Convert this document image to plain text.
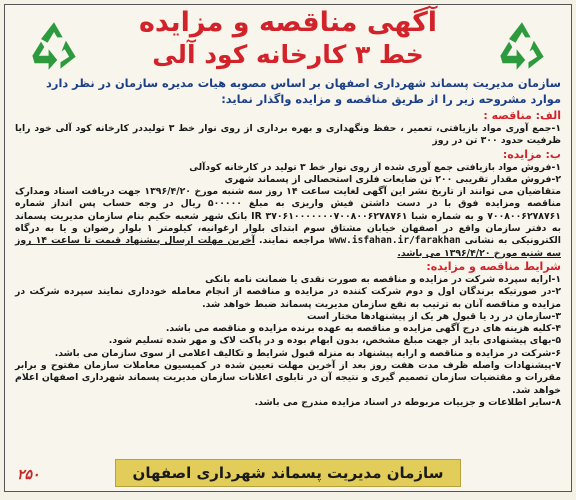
آگهی مناقصه و مزایده
خط ۳ کارخانه کود آلی
سازمان مدیریت پسماند شهرداری اصفهان بر اساس مصوبه هیات مدیره سازمان در نظر دارد موارد مشروحه زیر را از طریق مناقصه و مزایده واگذار نماید:
الف: مناقصه :
۱-جمع آوری مواد بازیافتی، تعمیر ، حفظ ونگهداری و بهره برداری از روی نوار خط ۳ تولیددر کارخانه کود آلی خود رایا ظرفیت حدود ۳۰۰ تن در روز
ب: مزایده:
۱-فروش مواد بازیافتی جمع آوری شده از روی نوار خط ۳ تولید در کارخانه کودآلی
۲-فروش مقدار تقریبی ۲۰۰ تن ضایعات فلزی استحصالی از پسماند شهری
متقاضیان می توانند از تاریخ نشر این آگهی لغایت ساعت ۱۴ روز سه شنبه مورخ ۱۳۹۶/۴/۲۰ جهت دریافت اسناد ومدارک مناقصه ومزایده فوق با در دست داشتن فیش واریزی به مبلغ ۵۰۰۰۰۰ ریال در وجه حساب پس انداز شماره ۷۰۰۸۰۰۶۲۷۸۷۶۱ و به شماره شبا IR ۳۷۰۶۱۰۰۰۰۰۰۰۷۰۰۸۰۰۶۲۷۸۷۶۱ بانک شهر شعبه حکیم بنام سازمان مدیریت پسماند به دفتر سازمان واقع در اصفهان خیابان مشتاق سوم ابتدای بلوار ارغوانیه، کیلومتر ۱ بلوار رضوان و یا به درگاه الکترونیکی به نشانی www.isfahan.ir/farakhan مراجعه نمایند. آخرین مهلت ارسال پیشنهاد قیمت تا ساعت ۱۴ روز سه شنبه مورخ ۱۳۹۶/۴/۲۰ می باشد.
شرایط مناقصه و مزایده:
۱-ارایه سپرده شرکت در مزایده و مناقصه به صورت نقدی یا ضمانت نامه بانکی
۲-در صورتیکه برندگان اول و دوم شرکت کننده در مزایده و مناقصه از انجام معامله خودداری نمایند سپرده شرکت در مزایده و مناقصه آنان به ترتیب به نفع سازمان مدیریت پسماند ضبط خواهد شد.
۳-سازمان در رد یا قبول هر یک از پیشنهادها مختار است
۴-کلیه هزینه های درج آگهی مزایده و مناقصه به عهده برنده مزایده و مناقصه می باشد.
۵-بهای پیشنهادی باید از جهت مبلغ مشخص، بدون ابهام بوده و در پاکت لاک و مهر شده تسلیم شود.
۶-شرکت در مزایده و مناقصه و ارایه پیشنهاد به منزله قبول شرایط و تکالیف اعلامی از سوی سازمان می باشد.
۷-پیشنهادات واصله ظرف مدت هفت روز بعد از آخرین مهلت تعیین شده در کمیسیون معاملات سازمان مفتوح و برابر مقررات و مقتضیات سازمان تصمیم گیری و نتیجه آن در تابلوی اعلانات سازمان مدیریت پسماند شهرداری اصفهان اعلام خواهد شد.
۸-سایر اطلاعات و جزییات مربوطه در اسناد مزایده مندرج می باشد.
۲۵۰	سازمان مدیریت پسماند شهرداری اصفهان
